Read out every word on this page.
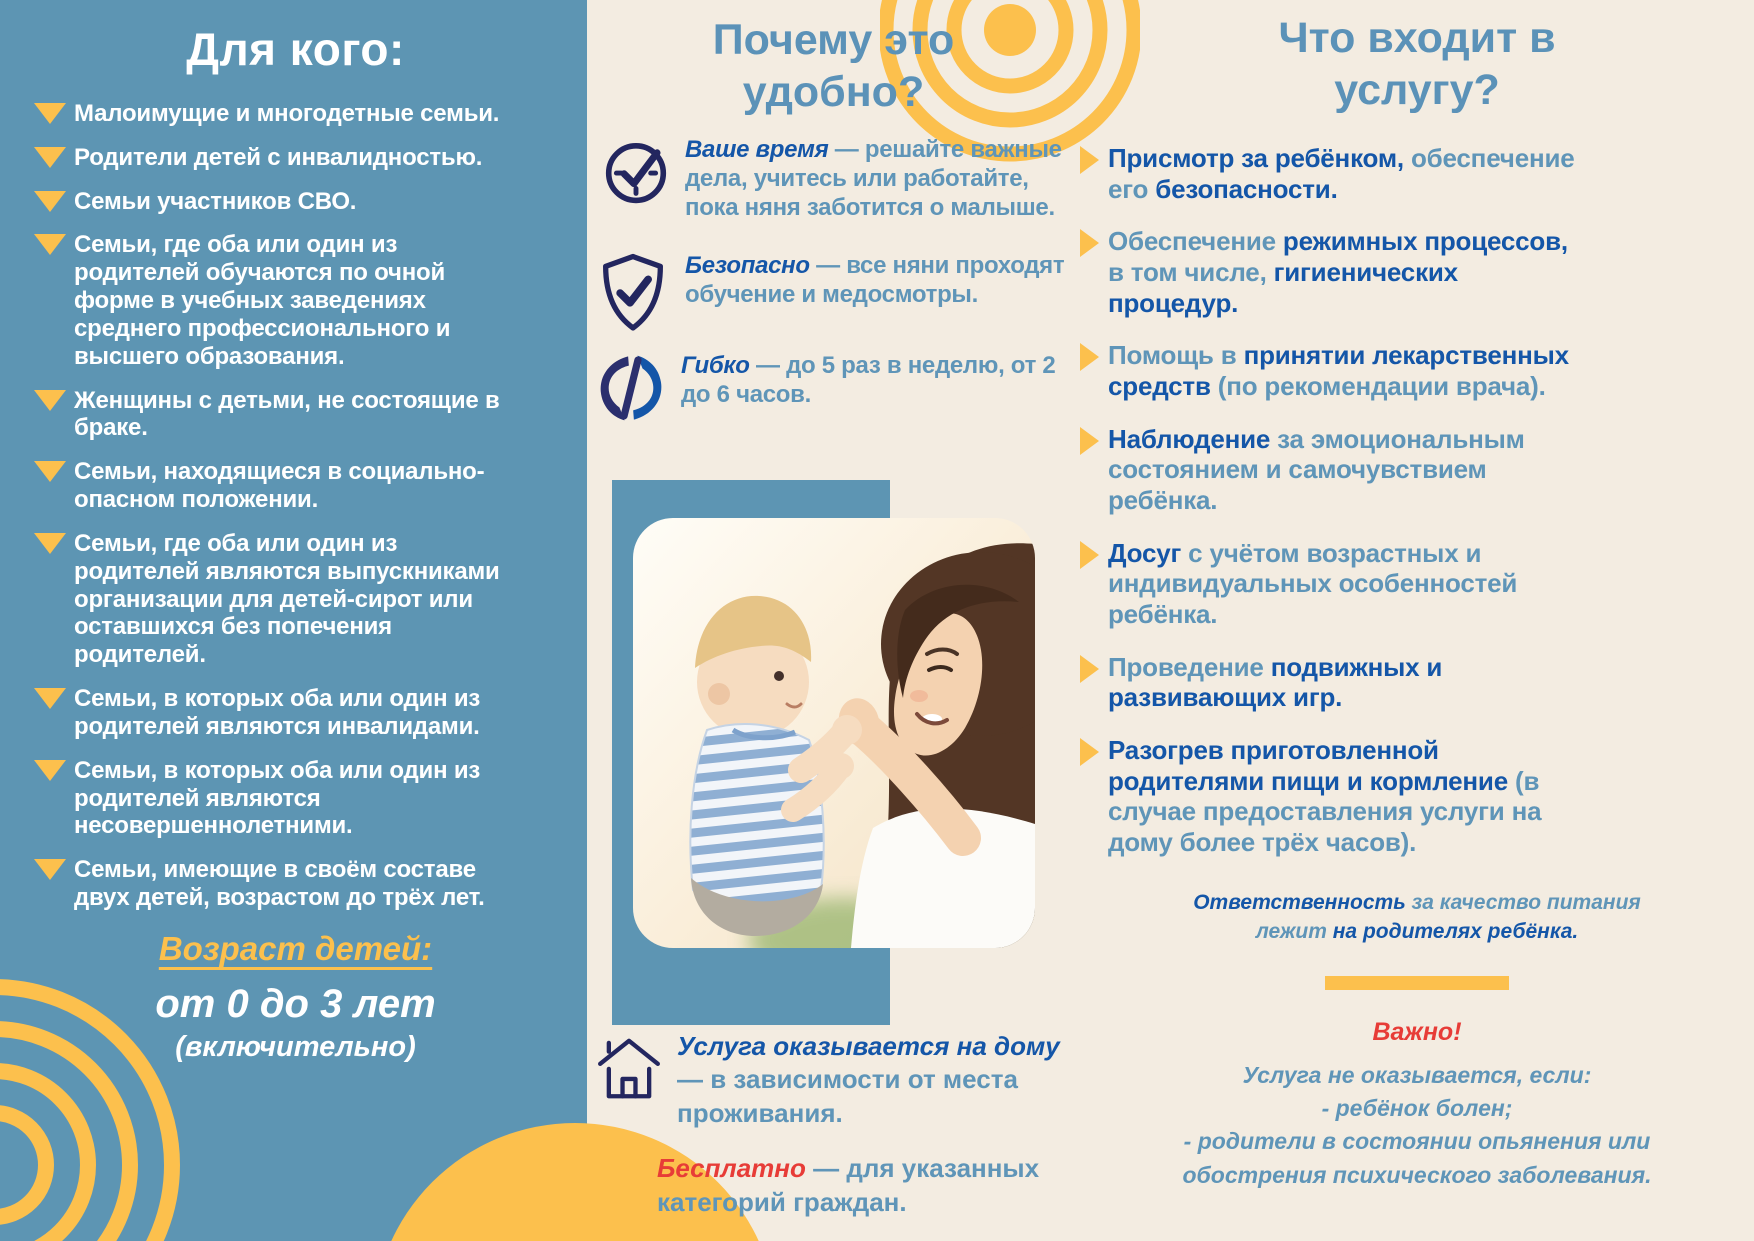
Для кого:
Малоимущие и многодетные семьи.
Родители детей с инвалидностью.
Семьи участников СВО.
Семьи, где оба или один из родителей обучаются по очной форме в учебных заведениях среднего профессионального и высшего образования.
Женщины с детьми, не состоящие в браке.
Семьи, находящиеся в социально- опасном положении.
Семьи, где оба или один из родителей являются выпускниками организации для детей-сирот или оставшихся без попечения родителей.
Семьи, в которых оба или один из родителей являются инвалидами.
Семьи, в которых оба или один из родителей являются несовершеннолетними.
Семьи, имеющие в своём составе двух детей, возрастом до трёх лет.
Возраст детей:
от 0 до 3 лет
(включительно)
Почему это удобно?

Ваше время — решайте важные дела, учитесь или работайте, пока няня заботится о малыше.

Безопасно — все няни проходят обучение и медосмотры.

Гибко — до 5 раз в неделю, от 2 до 6 часов.

Услуга оказывается на дому — в зависимости от места проживания.

Бесплатно — для указанных категорий граждан.

Что входит в услугу?
Присмотр за ребёнком, обеспечение его безопасности.
Обеспечение режимных процессов, в том числе, гигиенических процедур.
Помощь в принятии лекарственных средств (по рекомендации врача).
Наблюдение за эмоциональным состоянием и самочувствием ребёнка.
Досуг с учётом возрастных и индивидуальных особенностей ребёнка.
Проведение подвижных и развивающих игр.
Разогрев приготовленной родителями пищи и кормление (в случае предоставления услуги на дому более трёх часов).

Ответственность за качество питания лежит на родителях ребёнка.

Важно!
Услуга не оказывается, если:
- ребёнок болен;
- родители в состоянии опьянения или обострения психического заболевания.
